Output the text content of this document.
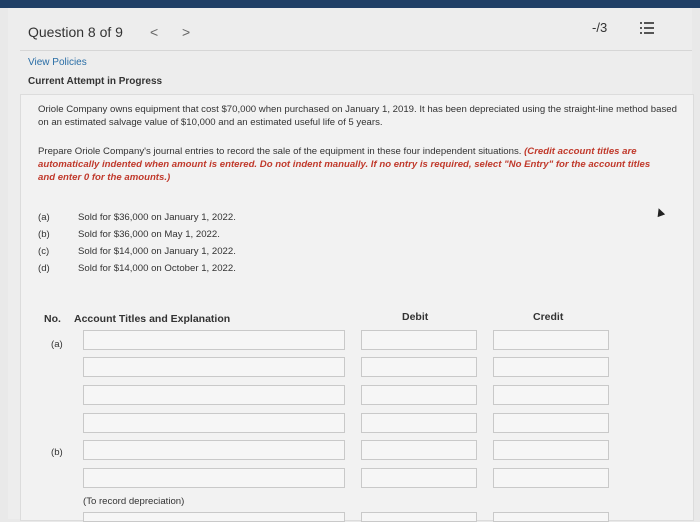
Question 8 of 9 < >	-/3
View Policies
Current Attempt in Progress
Oriole Company owns equipment that cost $70,000 when purchased on January 1, 2019. It has been depreciated using the straight-line method based on an estimated salvage value of $10,000 and an estimated useful life of 5 years.
Prepare Oriole Company's journal entries to record the sale of the equipment in these four independent situations. (Credit account titles are automatically indented when amount is entered. Do not indent manually. If no entry is required, select "No Entry" for the account titles and enter 0 for the amounts.)
(a)	Sold for $36,000 on January 1, 2022.
(b)	Sold for $36,000 on May 1, 2022.
(c)	Sold for $14,000 on January 1, 2022.
(d)	Sold for $14,000 on October 1, 2022.
No. Account Titles and Explanation	Debit	Credit
(a)
(b)
(To record depreciation)
